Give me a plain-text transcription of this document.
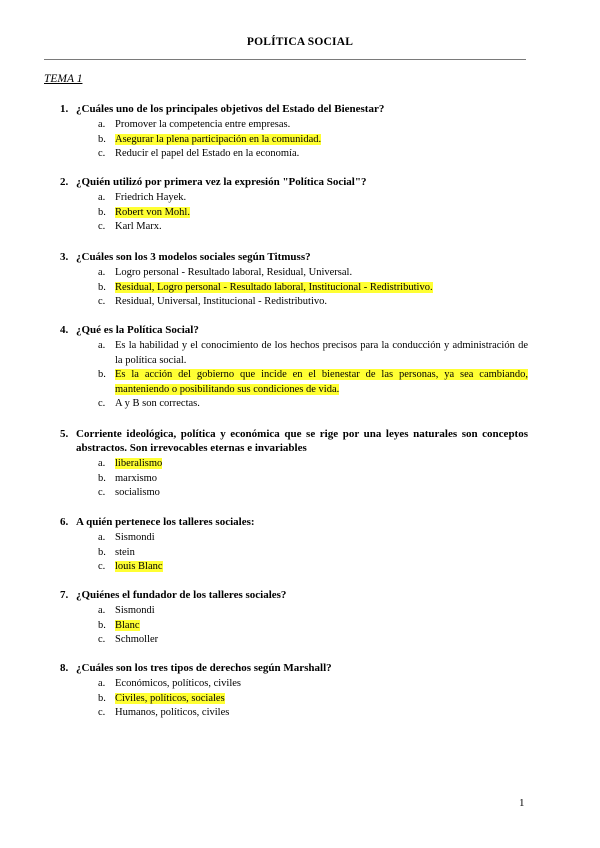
POLÍTICA SOCIAL
TEMA 1
1. ¿Cuáles uno de los principales objetivos del Estado del Bienestar?
a. Promover la competencia entre empresas.
b. Asegurar la plena participación en la comunidad.
c. Reducir el papel del Estado en la economía.
2. ¿Quién utilizó por primera vez la expresión "Política Social"?
a. Friedrich Hayek.
b. Robert von Mohl.
c. Karl Marx.
3. ¿Cuáles son los 3 modelos sociales según Titmuss?
a. Logro personal - Resultado laboral, Residual, Universal.
b. Residual, Logro personal - Resultado laboral, Institucional - Redistributivo.
c. Residual, Universal, Institucional - Redistributivo.
4. ¿Qué es la Política Social?
a. Es la habilidad y el conocimiento de los hechos precisos para la conducción y administración de la política social.
b. Es la acción del gobierno que incide en el bienestar de las personas, ya sea cambiando, manteniendo o posibilitando sus condiciones de vida.
c. A y B son correctas.
5. Corriente ideológica, política y económica que se rige por una leyes naturales son conceptos abstractos. Son irrevocables eternas e invariables
a. liberalismo
b. marxismo
c. socialismo
6. A quién pertenece los talleres sociales:
a. Sismondi
b. stein
c. louis Blanc
7. ¿Quiénes el fundador de los talleres sociales?
a. Sismondi
b. Blanc
c. Schmoller
8. ¿Cuáles son los tres tipos de derechos según Marshall?
a. Económicos, políticos, civiles
b. Civiles, políticos, sociales
c. Humanos, políticos, civiles
1
